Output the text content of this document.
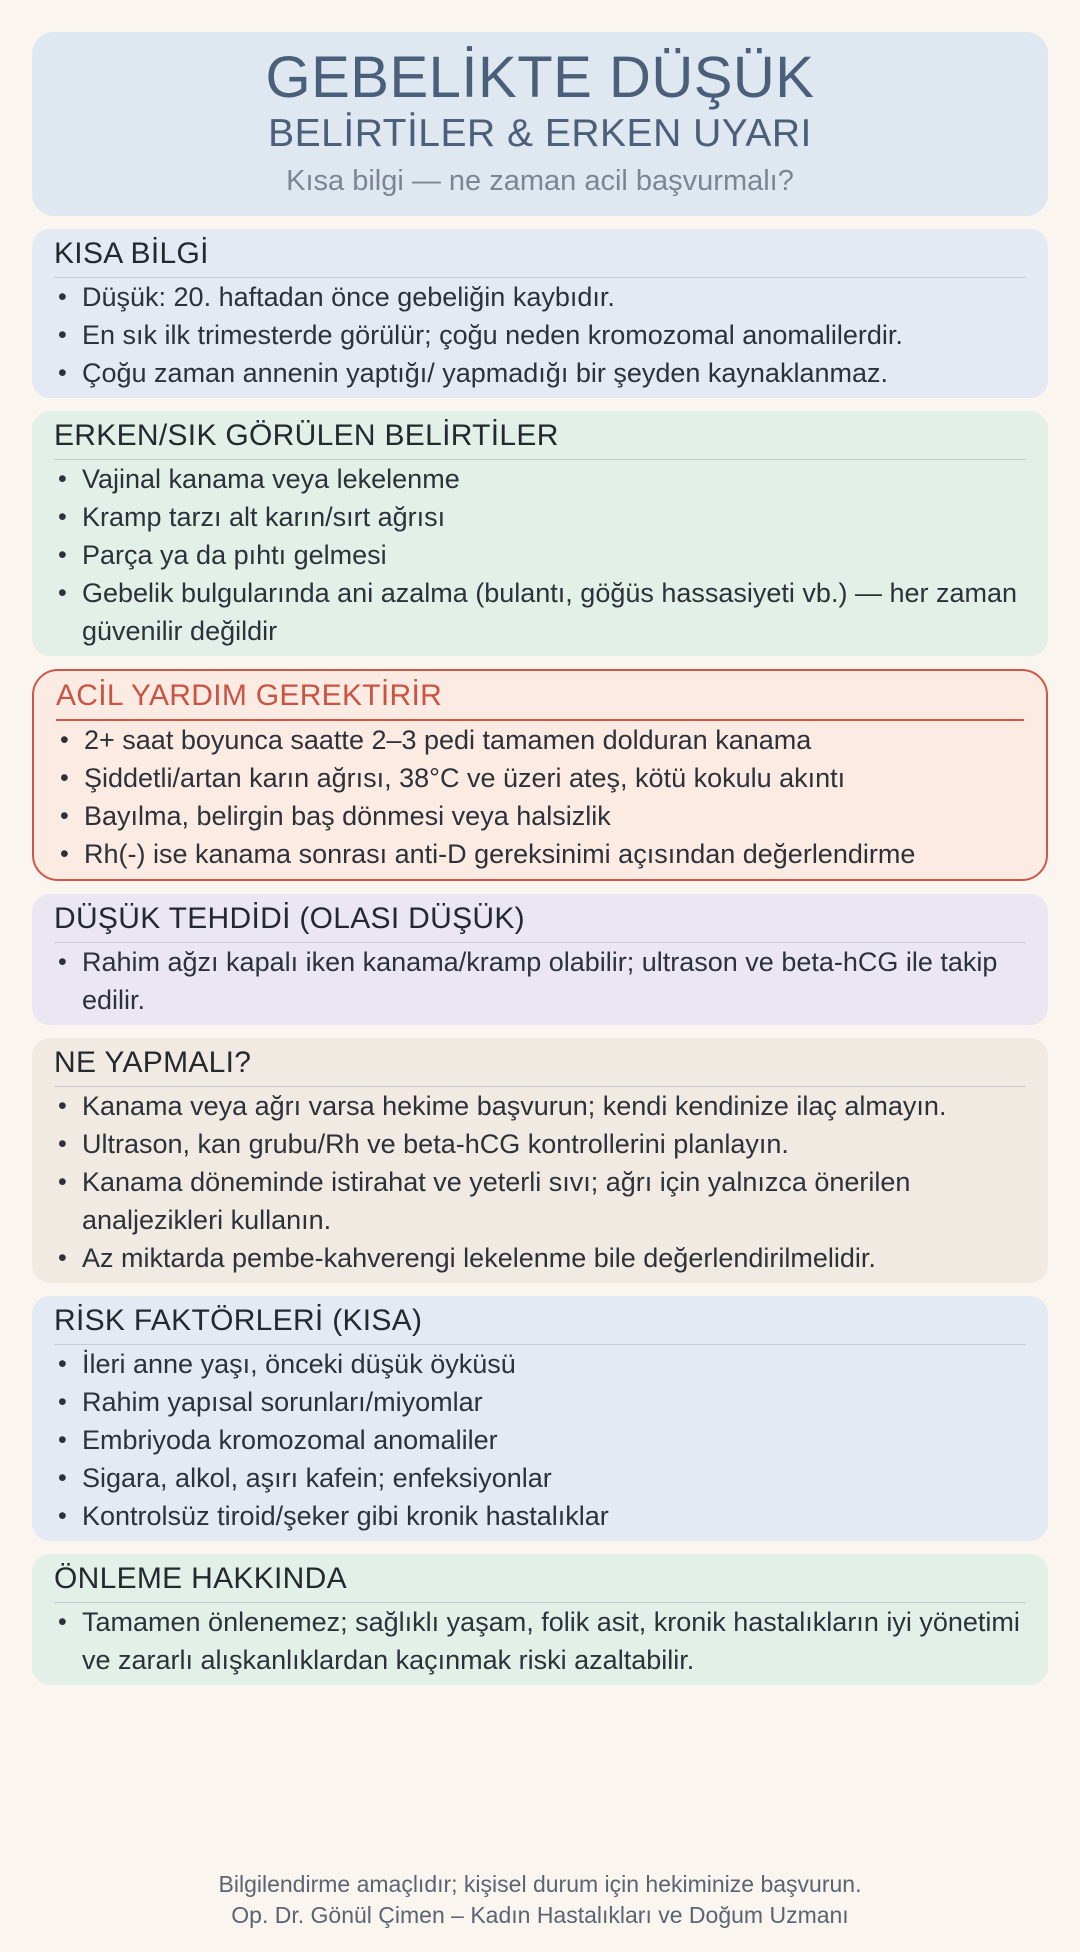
GEBELİKTE DÜŞÜK
BELİRTİLER & ERKEN UYARI

Kısa bilgi — ne zaman acil başvurmalı?

KISA BİLGİ
• Düşük: 20. haftadan önce gebeliğin kaybıdır.
• En sık ilk trimesterde görülür; çoğu neden kromozomal anomalilerdir.
• Çoğu zaman annenin yaptığı/ yapmadığı bir şeyden kaynaklanmaz.
ERKEN/SIK GÖRÜLEN BELİRTİLER
• Vajinal kanama veya lekelenme
• Kramp tarzı alt karın/sırt ağrısı
• Parça ya da pıhtı gelmesi
• Gebelik bulgularında ani azalma (bulantı, göğüs hassasiyeti vb.) — her zaman güvenilir değildir
ACİL YARDIM GEREKTİRİR
• 2+ saat boyunca saatte 2–3 pedi tamamen dolduran kanama
• Şiddetli/artan karın ağrısı, 38°C ve üzeri ateş, kötü kokulu akıntı
• Bayılma, belirgin baş dönmesi veya halsizlik
• Rh(-) ise kanama sonrası anti-D gereksinimi açısından değerlendirme
DÜŞÜK TEHDİDİ (OLASI DÜŞÜK)
• Rahim ağzı kapalı iken kanama/kramp olabilir; ultrason ve beta-hCG ile takip edilir.
NE YAPMALI?
• Kanama veya ağrı varsa hekime başvurun; kendi kendinize ilaç almayın.
• Ultrason, kan grubu/Rh ve beta-hCG kontrollerini planlayın.
• Kanama döneminde istirahat ve yeterli sıvı; ağrı için yalnızca önerilen analjezikleri kullanın.
• Az miktarda pembe-kahverengi lekelenme bile değerlendirilmelidir.
RİSK FAKTÖRLERİ (KISA)
• İleri anne yaşı, önceki düşük öyküsü
• Rahim yapısal sorunları/miyomlar
• Embriyoda kromozomal anomaliler
• Sigara, alkol, aşırı kafein; enfeksiyonlar
• Kontrolsüz tiroid/şeker gibi kronik hastalıklar
ÖNLEME HAKKINDA
• Tamamen önlenemez; sağlıklı yaşam, folik asit, kronik hastalıkların iyi yönetimi ve zararlı alışkanlıklardan kaçınmak riski azaltabilir.

Bilgilendirme amaçlıdır; kişisel durum için hekiminize başvurun.

Op. Dr. Gönül Çimen – Kadın Hastalıkları ve Doğum Uzmanı
